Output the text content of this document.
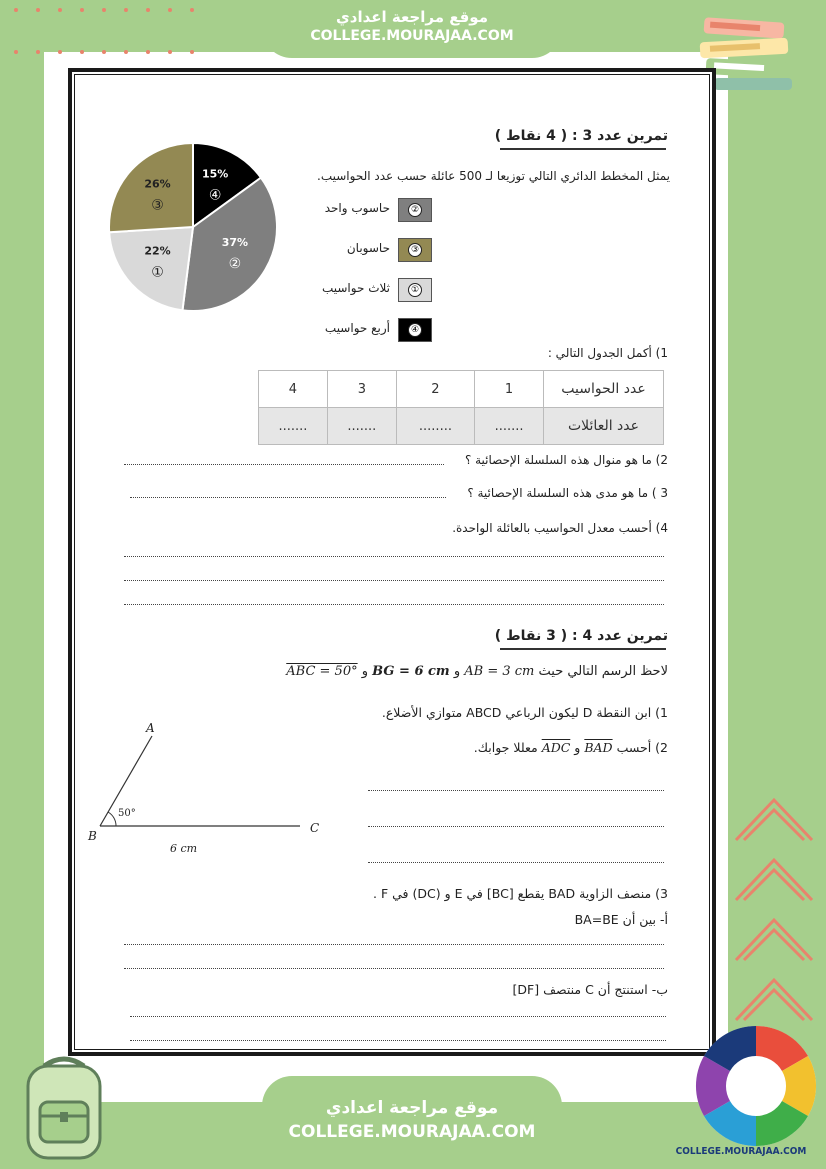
موقع مراجعة اعدادي
COLLEGE.MOURAJAA.COM
تمرين عدد 3 : ( 4 نقاط )
15%
④
37%
②
22%
①
26%
③
يمثل المخطط الدائري التالي توزيعا لـ 500 عائلة حسب عدد الحواسيب.
②
حاسوب واحد
③
حاسوبان
①
ثلاث حواسيب
④
أربع حواسيب
1) أكمل الجدول التالي :
عدد الحواسيب	1	2	3	4
عدد العائلات	.......	........	.......	.......
2) ما هو منوال هذه السلسلة الإحصائية ؟
3 ) ما هو مدى هذه السلسلة الإحصائية ؟
4) أحسب معدل الحواسيب بالعائلة الواحدة.
تمرين عدد 4 : ( 3 نقاط )
لاحظ الرسم التالي حيث AB = 3 cm و BG = 6 cm و ABC = 50°
1) ابن النقطة D ليكون الرباعي ABCD متوازي الأضلاع.
2) أحسب $\overline{BAD}$ و $\overline{ADC}$ معللا جوابك.
A
B
C
50°
6 cm
3) منصف الزاوية BAD يقطع [BC] في E و (DC) في F .
أ- بين أن BA=BE
ب- استنتج أن C منتصف [DF]
موقع مراجعة اعدادي
COLLEGE.MOURAJAA.COM
COLLEGE.MOURAJAA.COM
